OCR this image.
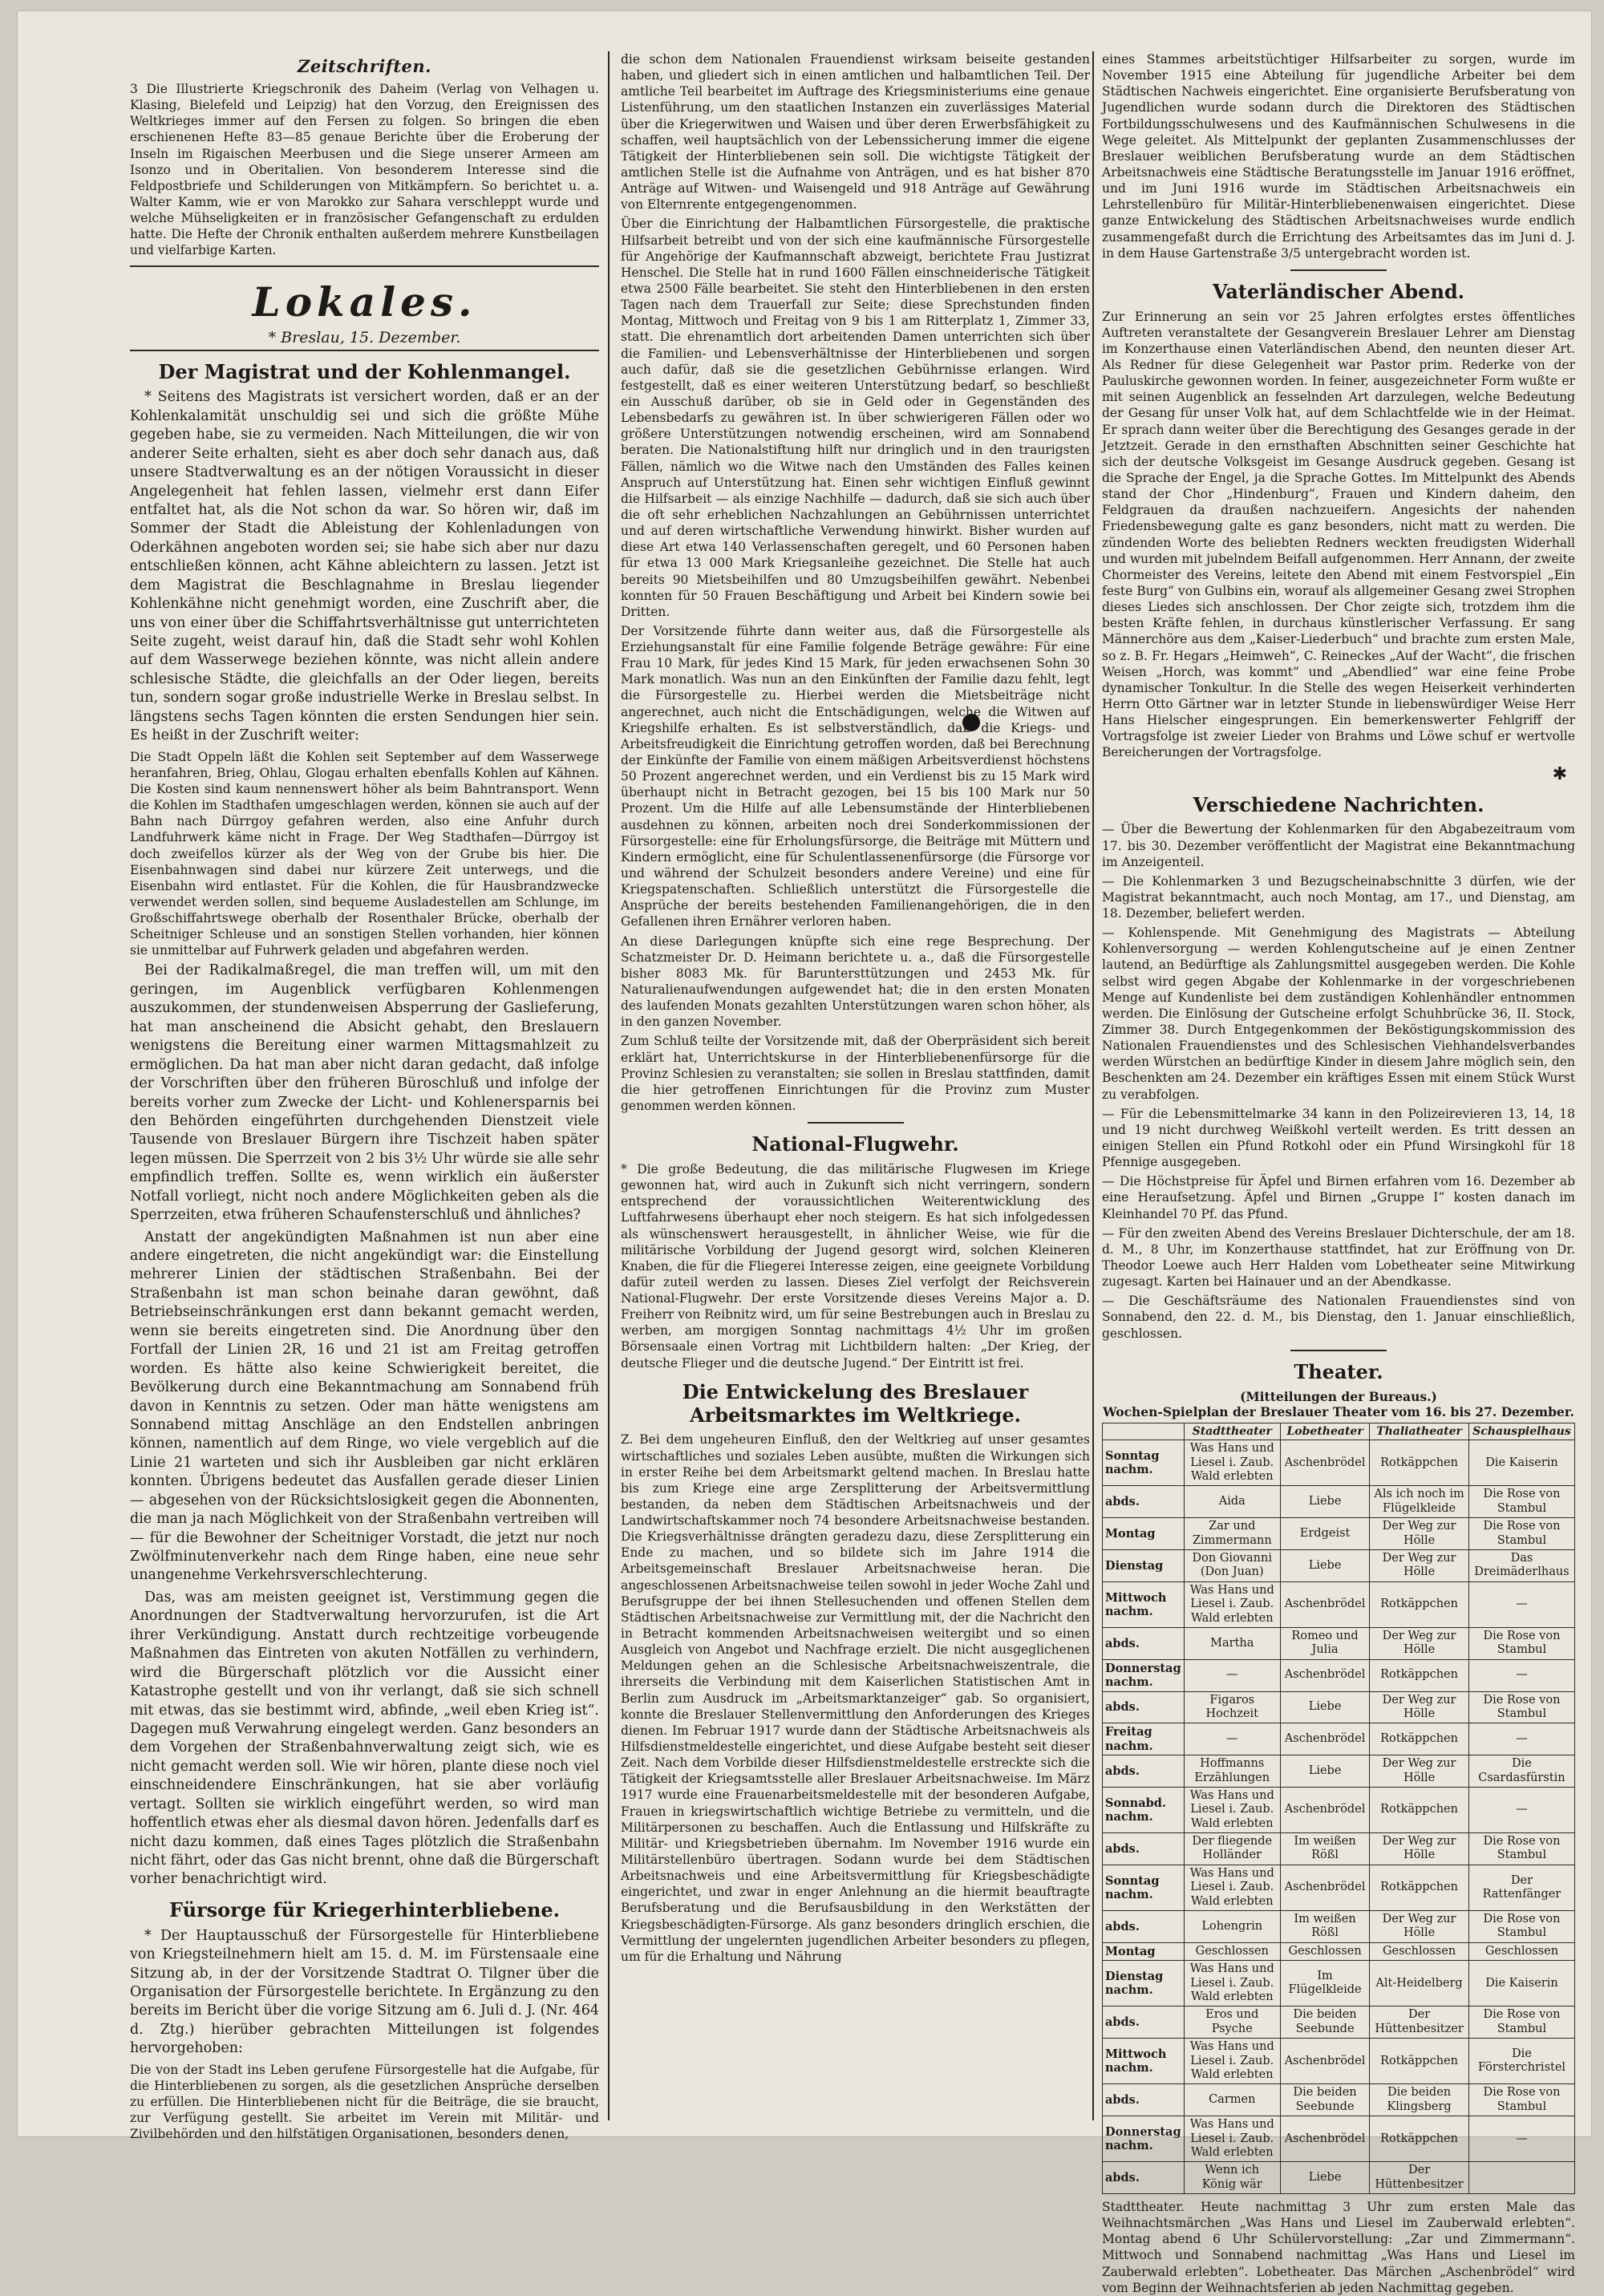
Zeitschriften.

3 Die Illustrierte Kriegschronik des Daheim (Verlag von Velhagen u. Klasing, Bielefeld und Leipzig) hat den Vorzug, den Ereignissen des Weltkrieges immer auf den Fersen zu folgen. So bringen die eben erschienenen Hefte 83—85 genaue Berichte über die Eroberung der Inseln im Rigaischen Meerbusen und die Siege unserer Armeen am Isonzo und in Oberitalien. Von besonderem Interesse sind die Feldpostbriefe und Schilderungen von Mitkämpfern. So berichtet u. a. Walter Kamm, wie er von Marokko zur Sahara verschleppt wurde und welche Mühseligkeiten er in französischer Gefangenschaft zu erdulden hatte. Die Hefte der Chronik enthalten außerdem mehrere Kunstbeilagen und vielfarbige Karten.

Lokales.
* Breslau, 15. Dezember.
Der Magistrat und der Kohlenmangel.

* Seitens des Magistrats ist versichert worden, daß er an der Kohlenkalamität unschuldig sei und sich die größte Mühe gegeben habe, sie zu vermeiden. Nach Mitteilungen, die wir von anderer Seite erhalten, sieht es aber doch sehr danach aus, daß unsere Stadtverwaltung es an der nötigen Voraussicht in dieser Angelegenheit hat fehlen lassen, vielmehr erst dann Eifer entfaltet hat, als die Not schon da war. So hören wir, daß im Sommer der Stadt die Ableistung der Kohlenladungen von Oderkähnen angeboten worden sei; sie habe sich aber nur dazu entschließen können, acht Kähne ableichtern zu lassen. Jetzt ist dem Magistrat die Beschlagnahme in Breslau liegender Kohlenkähne nicht genehmigt worden, eine Zuschrift aber, die uns von einer über die Schiffahrtsverhältnisse gut unterrichteten Seite zugeht, weist darauf hin, daß die Stadt sehr wohl Kohlen auf dem Wasserwege beziehen könnte, was nicht allein andere schlesische Städte, die gleichfalls an der Oder liegen, bereits tun, sondern sogar große industrielle Werke in Breslau selbst. In längstens sechs Tagen könnten die ersten Sendungen hier sein. Es heißt in der Zuschrift weiter:

Die Stadt Oppeln läßt die Kohlen seit September auf dem Wasserwege heranfahren, Brieg, Ohlau, Glogau erhalten ebenfalls Kohlen auf Kähnen. Die Kosten sind kaum nennenswert höher als beim Bahntransport. Wenn die Kohlen im Stadthafen umgeschlagen werden, können sie auch auf der Bahn nach Dürrgoy gefahren werden, also eine Anfuhr durch Landfuhrwerk käme nicht in Frage. Der Weg Stadthafen—Dürrgoy ist doch zweifellos kürzer als der Weg von der Grube bis hier. Die Eisenbahnwagen sind dabei nur kürzere Zeit unterwegs, und die Eisenbahn wird entlastet. Für die Kohlen, die für Hausbrandzwecke verwendet werden sollen, sind bequeme Ausladestellen am Schlunge, im Großschiffahrtswege oberhalb der Rosenthaler Brücke, oberhalb der Scheitniger Schleuse und an sonstigen Stellen vorhanden, hier können sie unmittelbar auf Fuhrwerk geladen und abgefahren werden.

Bei der Radikalmaßregel, die man treffen will, um mit den geringen, im Augenblick verfügbaren Kohlenmengen auszukommen, der stundenweisen Absperrung der Gaslieferung, hat man anscheinend die Absicht gehabt, den Breslauern wenigstens die Bereitung einer warmen Mittagsmahlzeit zu ermöglichen. Da hat man aber nicht daran gedacht, daß infolge der Vorschriften über den früheren Büroschluß und infolge der bereits vorher zum Zwecke der Licht- und Kohlenersparnis bei den Behörden eingeführten durchgehenden Dienstzeit viele Tausende von Breslauer Bürgern ihre Tischzeit haben später legen müssen. Die Sperrzeit von 2 bis 3½ Uhr würde sie alle sehr empfindlich treffen. Sollte es, wenn wirklich ein äußerster Notfall vorliegt, nicht noch andere Möglichkeiten geben als die Sperrzeiten, etwa früheren Schaufensterschluß und ähnliches?

Anstatt der angekündigten Maßnahmen ist nun aber eine andere eingetreten, die nicht angekündigt war: die Einstellung mehrerer Linien der städtischen Straßenbahn. Bei der Straßenbahn ist man schon beinahe daran gewöhnt, daß Betriebseinschränkungen erst dann bekannt gemacht werden, wenn sie bereits eingetreten sind. Die Anordnung über den Fortfall der Linien 2R, 16 und 21 ist am Freitag getroffen worden. Es hätte also keine Schwierigkeit bereitet, die Bevölkerung durch eine Bekanntmachung am Sonnabend früh davon in Kenntnis zu setzen. Oder man hätte wenigstens am Sonnabend mittag Anschläge an den Endstellen anbringen können, namentlich auf dem Ringe, wo viele vergeblich auf die Linie 21 warteten und sich ihr Ausbleiben gar nicht erklären konnten. Übrigens bedeutet das Ausfallen gerade dieser Linien — abgesehen von der Rücksichtslosigkeit gegen die Abonnenten, die man ja nach Möglichkeit von der Straßenbahn vertreiben will — für die Bewohner der Scheitniger Vorstadt, die jetzt nur noch Zwölfminutenverkehr nach dem Ringe haben, eine neue sehr unangenehme Verkehrsverschlechterung.

Das, was am meisten geeignet ist, Verstimmung gegen die Anordnungen der Stadtverwaltung hervorzurufen, ist die Art ihrer Verkündigung. Anstatt durch rechtzeitige vorbeugende Maßnahmen das Eintreten von akuten Notfällen zu verhindern, wird die Bürgerschaft plötzlich vor die Aussicht einer Katastrophe gestellt und von ihr verlangt, daß sie sich schnell mit etwas, das sie bestimmt wird, abfinde, „weil eben Krieg ist“. Dagegen muß Verwahrung eingelegt werden. Ganz besonders an dem Vorgehen der Straßenbahnverwaltung zeigt sich, wie es nicht gemacht werden soll. Wie wir hören, plante diese noch viel einschneidendere Einschränkungen, hat sie aber vorläufig vertagt. Sollten sie wirklich eingeführt werden, so wird man hoffentlich etwas eher als diesmal davon hören. Jedenfalls darf es nicht dazu kommen, daß eines Tages plötzlich die Straßenbahn nicht fährt, oder das Gas nicht brennt, ohne daß die Bürgerschaft vorher benachrichtigt wird.

Fürsorge für Kriegerhinterbliebene.

* Der Hauptausschuß der Fürsorgestelle für Hinterbliebene von Kriegsteilnehmern hielt am 15. d. M. im Fürstensaale eine Sitzung ab, in der der Vorsitzende Stadtrat O. Tilgner über die Organisation der Fürsorgestelle berichtete. In Ergänzung zu den bereits im Bericht über die vorige Sitzung am 6. Juli d. J. (Nr. 464 d. Ztg.) hierüber gebrachten Mitteilungen ist folgendes hervorgehoben:

Die von der Stadt ins Leben gerufene Fürsorgestelle hat die Aufgabe, für die Hinterbliebenen zu sorgen, als die gesetzlichen Ansprüche derselben zu erfüllen. Die Hinterbliebenen nicht für die Beiträge, die sie braucht, zur Verfügung gestellt. Sie arbeitet im Verein mit Militär- und Zivilbehörden und den hilfstätigen Organisationen, besonders denen,

die schon dem Nationalen Frauendienst wirksam beiseite gestanden haben, und gliedert sich in einen amtlichen und halbamtlichen Teil. Der amtliche Teil bearbeitet im Auftrage des Kriegsministeriums eine genaue Listenführung, um den staatlichen Instanzen ein zuverlässiges Material über die Kriegerwitwen und Waisen und über deren Erwerbsfähigkeit zu schaffen, weil hauptsächlich von der Lebenssicherung immer die eigene Tätigkeit der Hinterbliebenen sein soll. Die wichtigste Tätigkeit der amtlichen Stelle ist die Aufnahme von Anträgen, und es hat bisher 870 Anträge auf Witwen- und Waisengeld und 918 Anträge auf Gewährung von Elternrente entgegengenommen.

Über die Einrichtung der Halbamtlichen Fürsorgestelle, die praktische Hilfsarbeit betreibt und von der sich eine kaufmännische Fürsorgestelle für Angehörige der Kaufmannschaft abzweigt, berichtete Frau Justizrat Henschel. Die Stelle hat in rund 1600 Fällen einschneiderische Tätigkeit etwa 2500 Fälle bearbeitet. Sie steht den Hinterbliebenen in den ersten Tagen nach dem Trauerfall zur Seite; diese Sprechstunden finden Montag, Mittwoch und Freitag von 9 bis 1 am Ritterplatz 1, Zimmer 33, statt. Die ehrenamtlich dort arbeitenden Damen unterrichten sich über die Familien- und Lebensverhältnisse der Hinterbliebenen und sorgen auch dafür, daß sie die gesetzlichen Gebührnisse erlangen. Wird festgestellt, daß es einer weiteren Unterstützung bedarf, so beschließt ein Ausschuß darüber, ob sie in Geld oder in Gegenständen des Lebensbedarfs zu gewähren ist. In über schwierigeren Fällen oder wo größere Unterstützungen notwendig erscheinen, wird am Sonnabend beraten. Die Nationalstiftung hilft nur dringlich und in den traurigsten Fällen, nämlich wo die Witwe nach den Umständen des Falles keinen Anspruch auf Unterstützung hat. Einen sehr wichtigen Einfluß gewinnt die Hilfsarbeit — als einzige Nachhilfe — dadurch, daß sie sich auch über die oft sehr erheblichen Nachzahlungen an Gebührnissen unterrichtet und auf deren wirtschaftliche Verwendung hinwirkt. Bisher wurden auf diese Art etwa 140 Verlassenschaften geregelt, und 60 Personen haben für etwa 13 000 Mark Kriegsanleihe gezeichnet. Die Stelle hat auch bereits 90 Mietsbeihilfen und 80 Umzugsbeihilfen gewährt. Nebenbei konnten für 50 Frauen Beschäftigung und Arbeit bei Kindern sowie bei Dritten.

Der Vorsitzende führte dann weiter aus, daß die Fürsorgestelle als Erziehungsanstalt für eine Familie folgende Beträge gewähre: Für eine Frau 10 Mark, für jedes Kind 15 Mark, für jeden erwachsenen Sohn 30 Mark monatlich. Was nun an den Einkünften der Familie dazu fehlt, legt die Fürsorgestelle zu. Hierbei werden die Mietsbeiträge nicht angerechnet, auch nicht die Entschädigungen, welche die Witwen auf Kriegshilfe erhalten. Es ist selbstverständlich, daß die Kriegs- und Arbeitsfreudigkeit die Einrichtung getroffen worden, daß bei Berechnung der Einkünfte der Familie von einem mäßigen Arbeitsverdienst höchstens 50 Prozent angerechnet werden, und ein Verdienst bis zu 15 Mark wird überhaupt nicht in Betracht gezogen, bei 15 bis 100 Mark nur 50 Prozent. Um die Hilfe auf alle Lebensumstände der Hinterbliebenen ausdehnen zu können, arbeiten noch drei Sonderkommissionen der Fürsorgestelle: eine für Erholungsfürsorge, die Beiträge mit Müttern und Kindern ermöglicht, eine für Schulentlassenenfürsorge (die Fürsorge vor und während der Schulzeit besonders andere Vereine) und eine für Kriegspatenschaften. Schließlich unterstützt die Fürsorgestelle die Ansprüche der bereits bestehenden Familienangehörigen, die in den Gefallenen ihren Ernährer verloren haben.

An diese Darlegungen knüpfte sich eine rege Besprechung. Der Schatzmeister Dr. D. Heimann berichtete u. a., daß die Fürsorgestelle bisher 8083 Mk. für Baruntersttützungen und 2453 Mk. für Naturalienaufwendungen aufgewendet hat; die in den ersten Monaten des laufenden Monats gezahlten Unterstützungen waren schon höher, als in den ganzen November.

Zum Schluß teilte der Vorsitzende mit, daß der Oberpräsident sich bereit erklärt hat, Unterrichtskurse in der Hinterbliebenenfürsorge für die Provinz Schlesien zu veranstalten; sie sollen in Breslau stattfinden, damit die hier getroffenen Einrichtungen für die Provinz zum Muster genommen werden können.

National-Flugwehr.

* Die große Bedeutung, die das militärische Flugwesen im Kriege gewonnen hat, wird auch in Zukunft sich nicht verringern, sondern entsprechend der voraussichtlichen Weiterentwicklung des Luftfahrwesens überhaupt eher noch steigern. Es hat sich infolgedessen als wünschenswert herausgestellt, in ähnlicher Weise, wie für die militärische Vorbildung der Jugend gesorgt wird, solchen Kleineren Knaben, die für die Fliegerei Interesse zeigen, eine geeignete Vorbildung dafür zuteil werden zu lassen. Dieses Ziel verfolgt der Reichsverein National-Flugwehr. Der erste Vorsitzende dieses Vereins Major a. D. Freiherr von Reibnitz wird, um für seine Bestrebungen auch in Breslau zu werben, am morgigen Sonntag nachmittags 4½ Uhr im großen Börsensaale einen Vortrag mit Lichtbildern halten: „Der Krieg, der deutsche Flieger und die deutsche Jugend.“ Der Eintritt ist frei.

Die Entwickelung des Breslauer Arbeitsmarktes im Weltkriege.

Z. Bei dem ungeheuren Einfluß, den der Weltkrieg auf unser gesamtes wirtschaftliches und soziales Leben ausübte, mußten die Wirkungen sich in erster Reihe bei dem Arbeitsmarkt geltend machen. In Breslau hatte bis zum Kriege eine arge Zersplitterung der Arbeitsvermittlung bestanden, da neben dem Städtischen Arbeitsnachweis und der Landwirtschaftskammer noch 74 besondere Arbeitsnachweise bestanden. Die Kriegsverhältnisse drängten geradezu dazu, diese Zersplitterung ein Ende zu machen, und so bildete sich im Jahre 1914 die Arbeitsgemeinschaft Breslauer Arbeitsnachweise heran. Die angeschlossenen Arbeitsnachweise teilen sowohl in jeder Woche Zahl und Berufsgruppe der bei ihnen Stellesuchenden und offenen Stellen dem Städtischen Arbeitsnachweise zur Vermittlung mit, der die Nachricht den in Betracht kommenden Arbeitsnachweisen weitergibt und so einen Ausgleich von Angebot und Nachfrage erzielt. Die nicht ausgeglichenen Meldungen gehen an die Schlesische Arbeitsnachweiszentrale, die ihrerseits die Verbindung mit dem Kaiserlichen Statistischen Amt in Berlin zum Ausdruck im „Arbeitsmarktanzeiger“ gab. So organisiert, konnte die Breslauer Stellenvermittlung den Anforderungen des Krieges dienen. Im Februar 1917 wurde dann der Städtische Arbeitsnachweis als Hilfsdienstmeldestelle eingerichtet, und diese Aufgabe besteht seit dieser Zeit. Nach dem Vorbilde dieser Hilfsdienstmeldestelle erstreckte sich die Tätigkeit der Kriegsamtsstelle aller Breslauer Arbeitsnachweise. Im März 1917 wurde eine Frauenarbeitsmeldestelle mit der besonderen Aufgabe, Frauen in kriegswirtschaftlich wichtige Betriebe zu vermitteln, und die Militärpersonen zu beschaffen. Auch die Entlassung und Hilfskräfte zu Militär- und Kriegsbetrieben übernahm. Im November 1916 wurde ein Militärstellenbüro übertragen. Sodann wurde bei dem Städtischen Arbeitsnachweis und eine Arbeitsvermittlung für Kriegsbeschädigte eingerichtet, und zwar in enger Anlehnung an die hiermit beauftragte Berufsberatung und die Berufsausbildung in den Werkstätten der Kriegsbeschädigten-Fürsorge. Als ganz besonders dringlich erschien, die Vermittlung der ungelernten jugendlichen Arbeiter besonders zu pflegen, um für die Erhaltung und Nährung

eines Stammes arbeitstüchtiger Hilfsarbeiter zu sorgen, wurde im November 1915 eine Abteilung für jugendliche Arbeiter bei dem Städtischen Nachweis eingerichtet. Eine organisierte Berufsberatung von Jugendlichen wurde sodann durch die Direktoren des Städtischen Fortbildungsschulwesens und des Kaufmännischen Schulwesens in die Wege geleitet. Als Mittelpunkt der geplanten Zusammenschlusses der Breslauer weiblichen Berufsberatung wurde an dem Städtischen Arbeitsnachweis eine Städtische Beratungsstelle im Januar 1916 eröffnet, und im Juni 1916 wurde im Städtischen Arbeitsnachweis ein Lehrstellenbüro für Militär-Hinterbliebenenwaisen eingerichtet. Diese ganze Entwickelung des Städtischen Arbeitsnachweises wurde endlich zusammengefaßt durch die Errichtung des Arbeitsamtes das im Juni d. J. in dem Hause Gartenstraße 3/5 untergebracht worden ist.

Vaterländischer Abend.

Zur Erinnerung an sein vor 25 Jahren erfolgtes erstes öffentliches Auftreten veranstaltete der Gesangverein Breslauer Lehrer am Dienstag im Konzerthause einen Vaterländischen Abend, den neunten dieser Art. Als Redner für diese Gelegenheit war Pastor prim. Rederke von der Pauluskirche gewonnen worden. In feiner, ausgezeichneter Form wußte er mit seinen Augenblick an fesselnden Art darzulegen, welche Bedeutung der Gesang für unser Volk hat, auf dem Schlachtfelde wie in der Heimat. Er sprach dann weiter über die Berechtigung des Gesanges gerade in der Jetztzeit. Gerade in den ernsthaften Abschnitten seiner Geschichte hat sich der deutsche Volksgeist im Gesange Ausdruck gegeben. Gesang ist die Sprache der Engel, ja die Sprache Gottes. Im Mittelpunkt des Abends stand der Chor „Hindenburg“, Frauen und Kindern daheim, den Feldgrauen da draußen nachzueifern. Angesichts der nahenden Friedensbewegung galte es ganz besonders, nicht matt zu werden. Die zündenden Worte des beliebten Redners weckten freudigsten Widerhall und wurden mit jubelndem Beifall aufgenommen. Herr Annann, der zweite Chormeister des Vereins, leitete den Abend mit einem Festvorspiel „Ein feste Burg“ von Gulbins ein, worauf als allgemeiner Gesang zwei Strophen dieses Liedes sich anschlossen. Der Chor zeigte sich, trotzdem ihm die besten Kräfte fehlen, in durchaus künstlerischer Verfassung. Er sang Männerchöre aus dem „Kaiser-Liederbuch“ und brachte zum ersten Male, so z. B. Fr. Hegars „Heimweh“, C. Reineckes „Auf der Wacht“, die frischen Weisen „Horch, was kommt“ und „Abendlied“ war eine feine Probe dynamischer Tonkultur. In die Stelle des wegen Heiserkeit verhinderten Herrn Otto Gärtner war in letzter Stunde in liebenswürdiger Weise Herr Hans Hielscher eingesprungen. Ein bemerkenswerter Fehlgriff der Vortragsfolge ist zweier Lieder von Brahms und Löwe schuf er wertvolle Bereicherungen der Vortragsfolge.

✱
Verschiedene Nachrichten.

— Über die Bewertung der Kohlenmarken für den Abgabezeitraum vom 17. bis 30. Dezember veröffentlicht der Magistrat eine Bekanntmachung im Anzeigenteil.

— Die Kohlenmarken 3 und Bezugscheinabschnitte 3 dürfen, wie der Magistrat bekanntmacht, auch noch Montag, am 17., und Dienstag, am 18. Dezember, beliefert werden.

— Kohlenspende. Mit Genehmigung des Magistrats — Abteilung Kohlenversorgung — werden Kohlengutscheine auf je einen Zentner lautend, an Bedürftige als Zahlungsmittel ausgegeben werden. Die Kohle selbst wird gegen Abgabe der Kohlenmarke in der vorgeschriebenen Menge auf Kundenliste bei dem zuständigen Kohlenhändler entnommen werden. Die Einlösung der Gutscheine erfolgt Schuhbrücke 36, II. Stock, Zimmer 38. Durch Entgegenkommen der Beköstigungskommission des Nationalen Frauendienstes und des Schlesischen Viehhandelsverbandes werden Würstchen an bedürftige Kinder in diesem Jahre möglich sein, den Beschenkten am 24. Dezember ein kräftiges Essen mit einem Stück Wurst zu verabfolgen.

— Für die Lebensmittelmarke 34 kann in den Polizeirevieren 13, 14, 18 und 19 nicht durchweg Weißkohl verteilt werden. Es tritt dessen an einigen Stellen ein Pfund Rotkohl oder ein Pfund Wirsingkohl für 18 Pfennige ausgegeben.

— Die Höchstpreise für Äpfel und Birnen erfahren vom 16. Dezember ab eine Heraufsetzung. Äpfel und Birnen „Gruppe I“ kosten danach im Kleinhandel 70 Pf. das Pfund.

— Für den zweiten Abend des Vereins Breslauer Dichterschule, der am 18. d. M., 8 Uhr, im Konzerthause stattfindet, hat zur Eröffnung von Dr. Theodor Loewe auch Herr Halden vom Lobetheater seine Mitwirkung zugesagt. Karten bei Hainauer und an der Abendkasse.

— Die Geschäftsräume des Nationalen Frauendienstes sind von Sonnabend, den 22. d. M., bis Dienstag, den 1. Januar einschließlich, geschlossen.

Theater.
(Mitteilungen der Bureaus.)
Wochen-Spielplan der Breslauer Theater vom 16. bis 27. Dezember.
	Stadttheater	Lobetheater	Thaliatheater	Schauspielhaus
Sonntag nachm.	Was Hans und Liesel i. Zaub. Wald erlebten	Aschenbrödel	Rotkäppchen	Die Kaiserin
abds.	Aida	Liebe	Als ich noch im Flügelkleide	Die Rose von Stambul
Montag	Zar und Zimmermann	Erdgeist	Der Weg zur Hölle	Die Rose von Stambul
Dienstag	Don Giovanni (Don Juan)	Liebe	Der Weg zur Hölle	Das Dreimäderlhaus
Mittwoch nachm.	Was Hans und Liesel i. Zaub. Wald erlebten	Aschenbrödel	Rotkäppchen	—
abds.	Martha	Romeo und Julia	Der Weg zur Hölle	Die Rose von Stambul
Donnerstag nachm.	—	Aschenbrödel	Rotkäppchen	—
abds.	Figaros Hochzeit	Liebe	Der Weg zur Hölle	Die Rose von Stambul
Freitag nachm.	—	Aschenbrödel	Rotkäppchen	—
abds.	Hoffmanns Erzählungen	Liebe	Der Weg zur Hölle	Die Csardasfürstin
Sonnabd. nachm.	Was Hans und Liesel i. Zaub. Wald erlebten	Aschenbrödel	Rotkäppchen	—
abds.	Der fliegende Holländer	Im weißen Rößl	Der Weg zur Hölle	Die Rose von Stambul
Sonntag nachm.	Was Hans und Liesel i. Zaub. Wald erlebten	Aschenbrödel	Rotkäppchen	Der Rattenfänger
abds.	Lohengrin	Im weißen Rößl	Der Weg zur Hölle	Die Rose von Stambul
Montag	Geschlossen	Geschlossen	Geschlossen	Geschlossen
Dienstag nachm.	Was Hans und Liesel i. Zaub. Wald erlebten	Im Flügelkleide	Alt-Heidelberg	Die Kaiserin
abds.	Eros und Psyche	Die beiden Seebunde	Der Hüttenbesitzer	Die Rose von Stambul
Mittwoch nachm.	Was Hans und Liesel i. Zaub. Wald erlebten	Aschenbrödel	Rotkäppchen	Die Försterchristel
abds.	Carmen	Die beiden Seebunde	Die beiden Klingsberg	Die Rose von Stambul
Donnerstag nachm.	Was Hans und Liesel i. Zaub. Wald erlebten	Aschenbrödel	Rotkäppchen	—
abds.	Wenn ich König wär	Liebe	Der Hüttenbesitzer	

Stadttheater. Heute nachmittag 3 Uhr zum ersten Male das Weihnachtsmärchen „Was Hans und Liesel im Zauberwald erlebten“. Montag abend 6 Uhr Schülervorstellung: „Zar und Zimmermann“. Mittwoch und Sonnabend nachmittag „Was Hans und Liesel im Zauberwald erlebten“. Lobetheater. Das Märchen „Aschenbrödel“ wird vom Beginn der Weihnachtsferien ab jeden Nachmittag gegeben.
